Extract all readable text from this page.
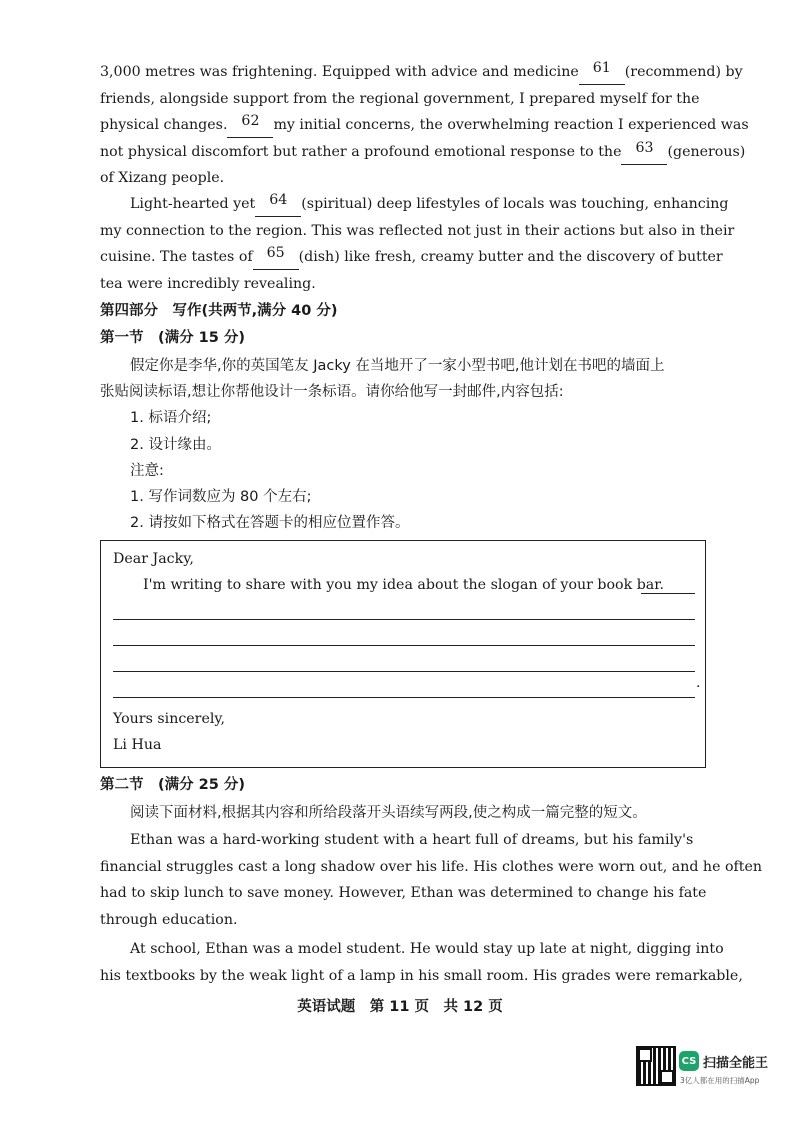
3,000 metres was frightening. Equipped with advice and medicine 61 (recommend) by
friends, alongside support from the regional government, I prepared myself for the
physical changes. 62 my initial concerns, the overwhelming reaction I experienced was
not physical discomfort but rather a profound emotional response to the 63 (generous)
of Xizang people.
Light-hearted yet 64 (spiritual) deep lifestyles of locals was touching, enhancing
my connection to the region. This was reflected not just in their actions but also in their
cuisine. The tastes of 65 (dish) like fresh, creamy butter and the discovery of butter
tea were incredibly revealing.
第四部分　写作(共两节,满分 40 分)
第一节　(满分 15 分)
假定你是李华,你的英国笔友 Jacky 在当地开了一家小型书吧,他计划在书吧的墙面上
张贴阅读标语,想让你帮他设计一条标语。请你给他写一封邮件,内容包括:
1. 标语介绍;
2. 设计缘由。
注意:
1. 写作词数应为 80 个左右;
2. 请按如下格式在答题卡的相应位置作答。
Dear Jacky,
I'm writing to share with you my idea about the slogan of your book bar.
.
Yours sincerely,
Li Hua
第二节　(满分 25 分)
阅读下面材料,根据其内容和所给段落开头语续写两段,使之构成一篇完整的短文。
Ethan was a hard-working student with a heart full of dreams, but his family's
financial struggles cast a long shadow over his life. His clothes were worn out, and he often
had to skip lunch to save money. However, Ethan was determined to change his fate
through education.
At school, Ethan was a model student. He would stay up late at night, digging into
his textbooks by the weak light of a lamp in his small room. His grades were remarkable,
英语试题　第 11 页　共 12 页
CS 扫描全能王
3亿人都在用的扫描App
